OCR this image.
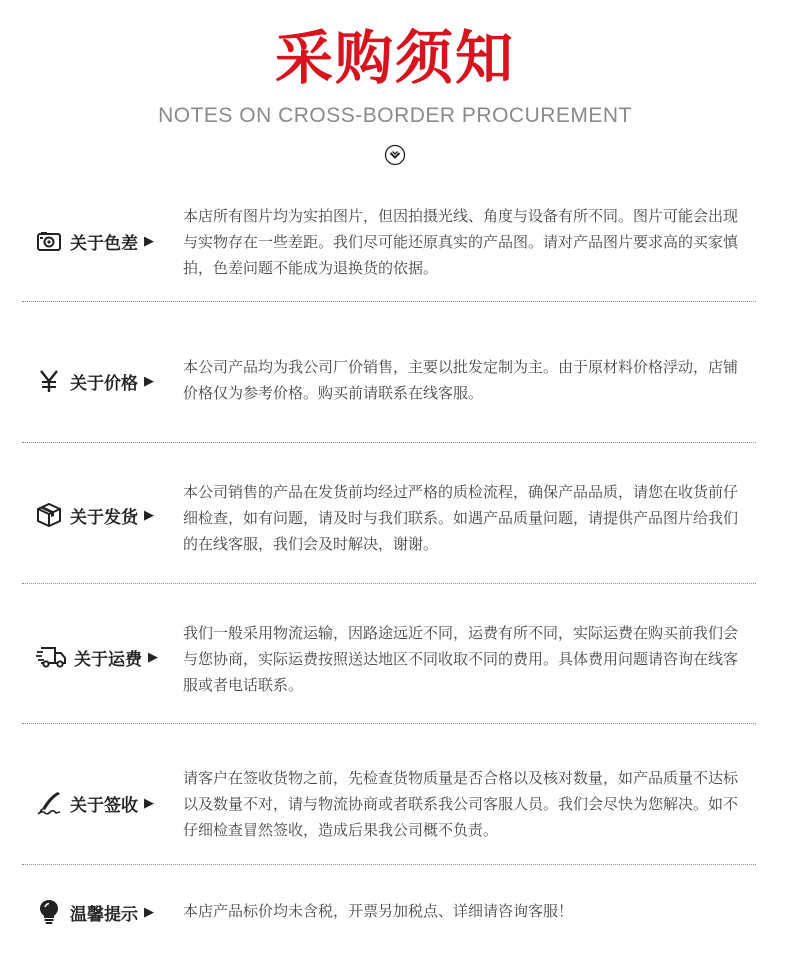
采购须知
NOTES ON CROSS-BORDER PROCUREMENT
关于色差 ▶
本店所有图片均为实拍图片，但因拍摄光线、角度与设备有所不同。图片可能会出现与实物存在一些差距。我们尽可能还原真实的产品图。请对产品图片要求高的买家慎拍，色差问题不能成为退换货的依据。
关于价格 ▶
本公司产品均为我公司厂价销售，主要以批发定制为主。由于原材料价格浮动，店铺价格仅为参考价格。购买前请联系在线客服。
关于发货 ▶
本公司销售的产品在发货前均经过严格的质检流程，确保产品品质，请您在收货前仔细检查，如有问题，请及时与我们联系。如遇产品质量问题，请提供产品图片给我们的在线客服，我们会及时解决，谢谢。
关于运费 ▶
我们一般采用物流运输，因路途远近不同，运费有所不同，实际运费在购买前我们会与您协商，实际运费按照送达地区不同收取不同的费用。具体费用问题请咨询在线客服或者电话联系。
关于签收 ▶
请客户在签收货物之前，先检查货物质量是否合格以及核对数量，如产品质量不达标以及数量不对，请与物流协商或者联系我公司客服人员。我们会尽快为您解决。如不仔细检查冒然签收，造成后果我公司概不负责。
温馨提示 ▶ 本店产品标价均未含税，开票另加税点、详细请咨询客服！
